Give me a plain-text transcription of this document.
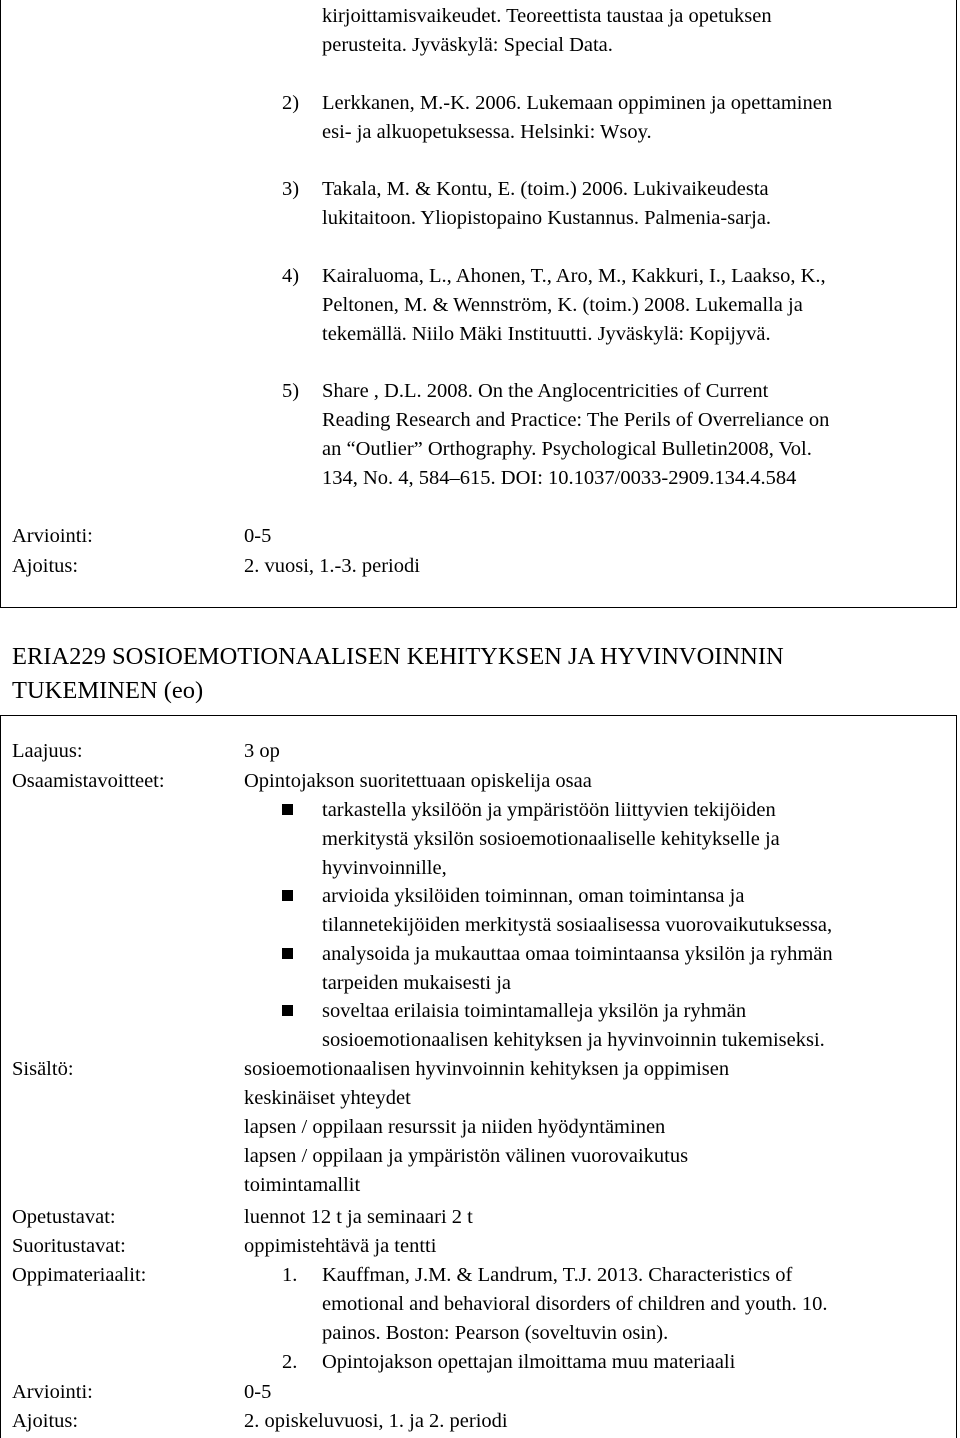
kirjoittamisvaikeudet. Teoreettista taustaa ja opetuksen
perusteita. Jyväskylä: Special Data.
2) Lerkkanen, M.-K. 2006. Lukemaan oppiminen ja opettaminen
esi- ja alkuopetuksessa. Helsinki: Wsoy.
3) Takala, M. & Kontu, E. (toim.) 2006. Lukivaikeudesta
lukitaitoon. Yliopistopaino Kustannus. Palmenia-sarja.
4) Kairaluoma, L., Ahonen, T., Aro, M., Kakkuri, I., Laakso, K.,
Peltonen, M. & Wennström, K. (toim.) 2008. Lukemalla ja
tekemällä. Niilo Mäki Instituutti. Jyväskylä: Kopijyvä.
5) Share , D.L. 2008. On the Anglocentricities of Current
Reading Research and Practice: The Perils of Overreliance on
an “Outlier” Orthography. Psychological Bulletin2008, Vol.
134, No. 4, 584–615. DOI: 10.1037/0033-2909.134.4.584
Arviointi:	0-5
Ajoitus:	2. vuosi, 1.-3. periodi
ERIA229 SOSIOEMOTIONAALISEN KEHITYKSEN JA HYVINVOINNIN
TUKEMINEN (eo)
Laajuus:	3 op
Osaamistavoitteet:	Opintojakson suoritettuaan opiskelija osaa
tarkastella yksilöön ja ympäristöön liittyvien tekijöiden
merkitystä yksilön sosioemotionaaliselle kehitykselle ja
hyvinvoinnille,
arvioida yksilöiden toiminnan, oman toimintansa ja
tilannetekijöiden merkitystä sosiaalisessa vuorovaikutuksessa,
analysoida ja mukauttaa omaa toimintaansa yksilön ja ryhmän
tarpeiden mukaisesti ja
soveltaa erilaisia toimintamalleja yksilön ja ryhmän
sosioemotionaalisen kehityksen ja hyvinvoinnin tukemiseksi.
Sisältö:	sosioemotionaalisen hyvinvoinnin kehityksen ja oppimisen
keskinäiset yhteydet
lapsen / oppilaan resurssit ja niiden hyödyntäminen
lapsen / oppilaan ja ympäristön välinen vuorovaikutus
toimintamallit
Opetustavat:	luennot 12 t ja seminaari 2 t
Suoritustavat:	oppimistehtävä ja tentti
Oppimateriaalit:	1. Kauffman, J.M. & Landrum, T.J. 2013. Characteristics of
emotional and behavioral disorders of children and youth. 10.
painos. Boston: Pearson (soveltuvin osin).
2. Opintojakson opettajan ilmoittama muu materiaali
Arviointi:	0-5
Ajoitus:	2. opiskeluvuosi, 1. ja 2. periodi
